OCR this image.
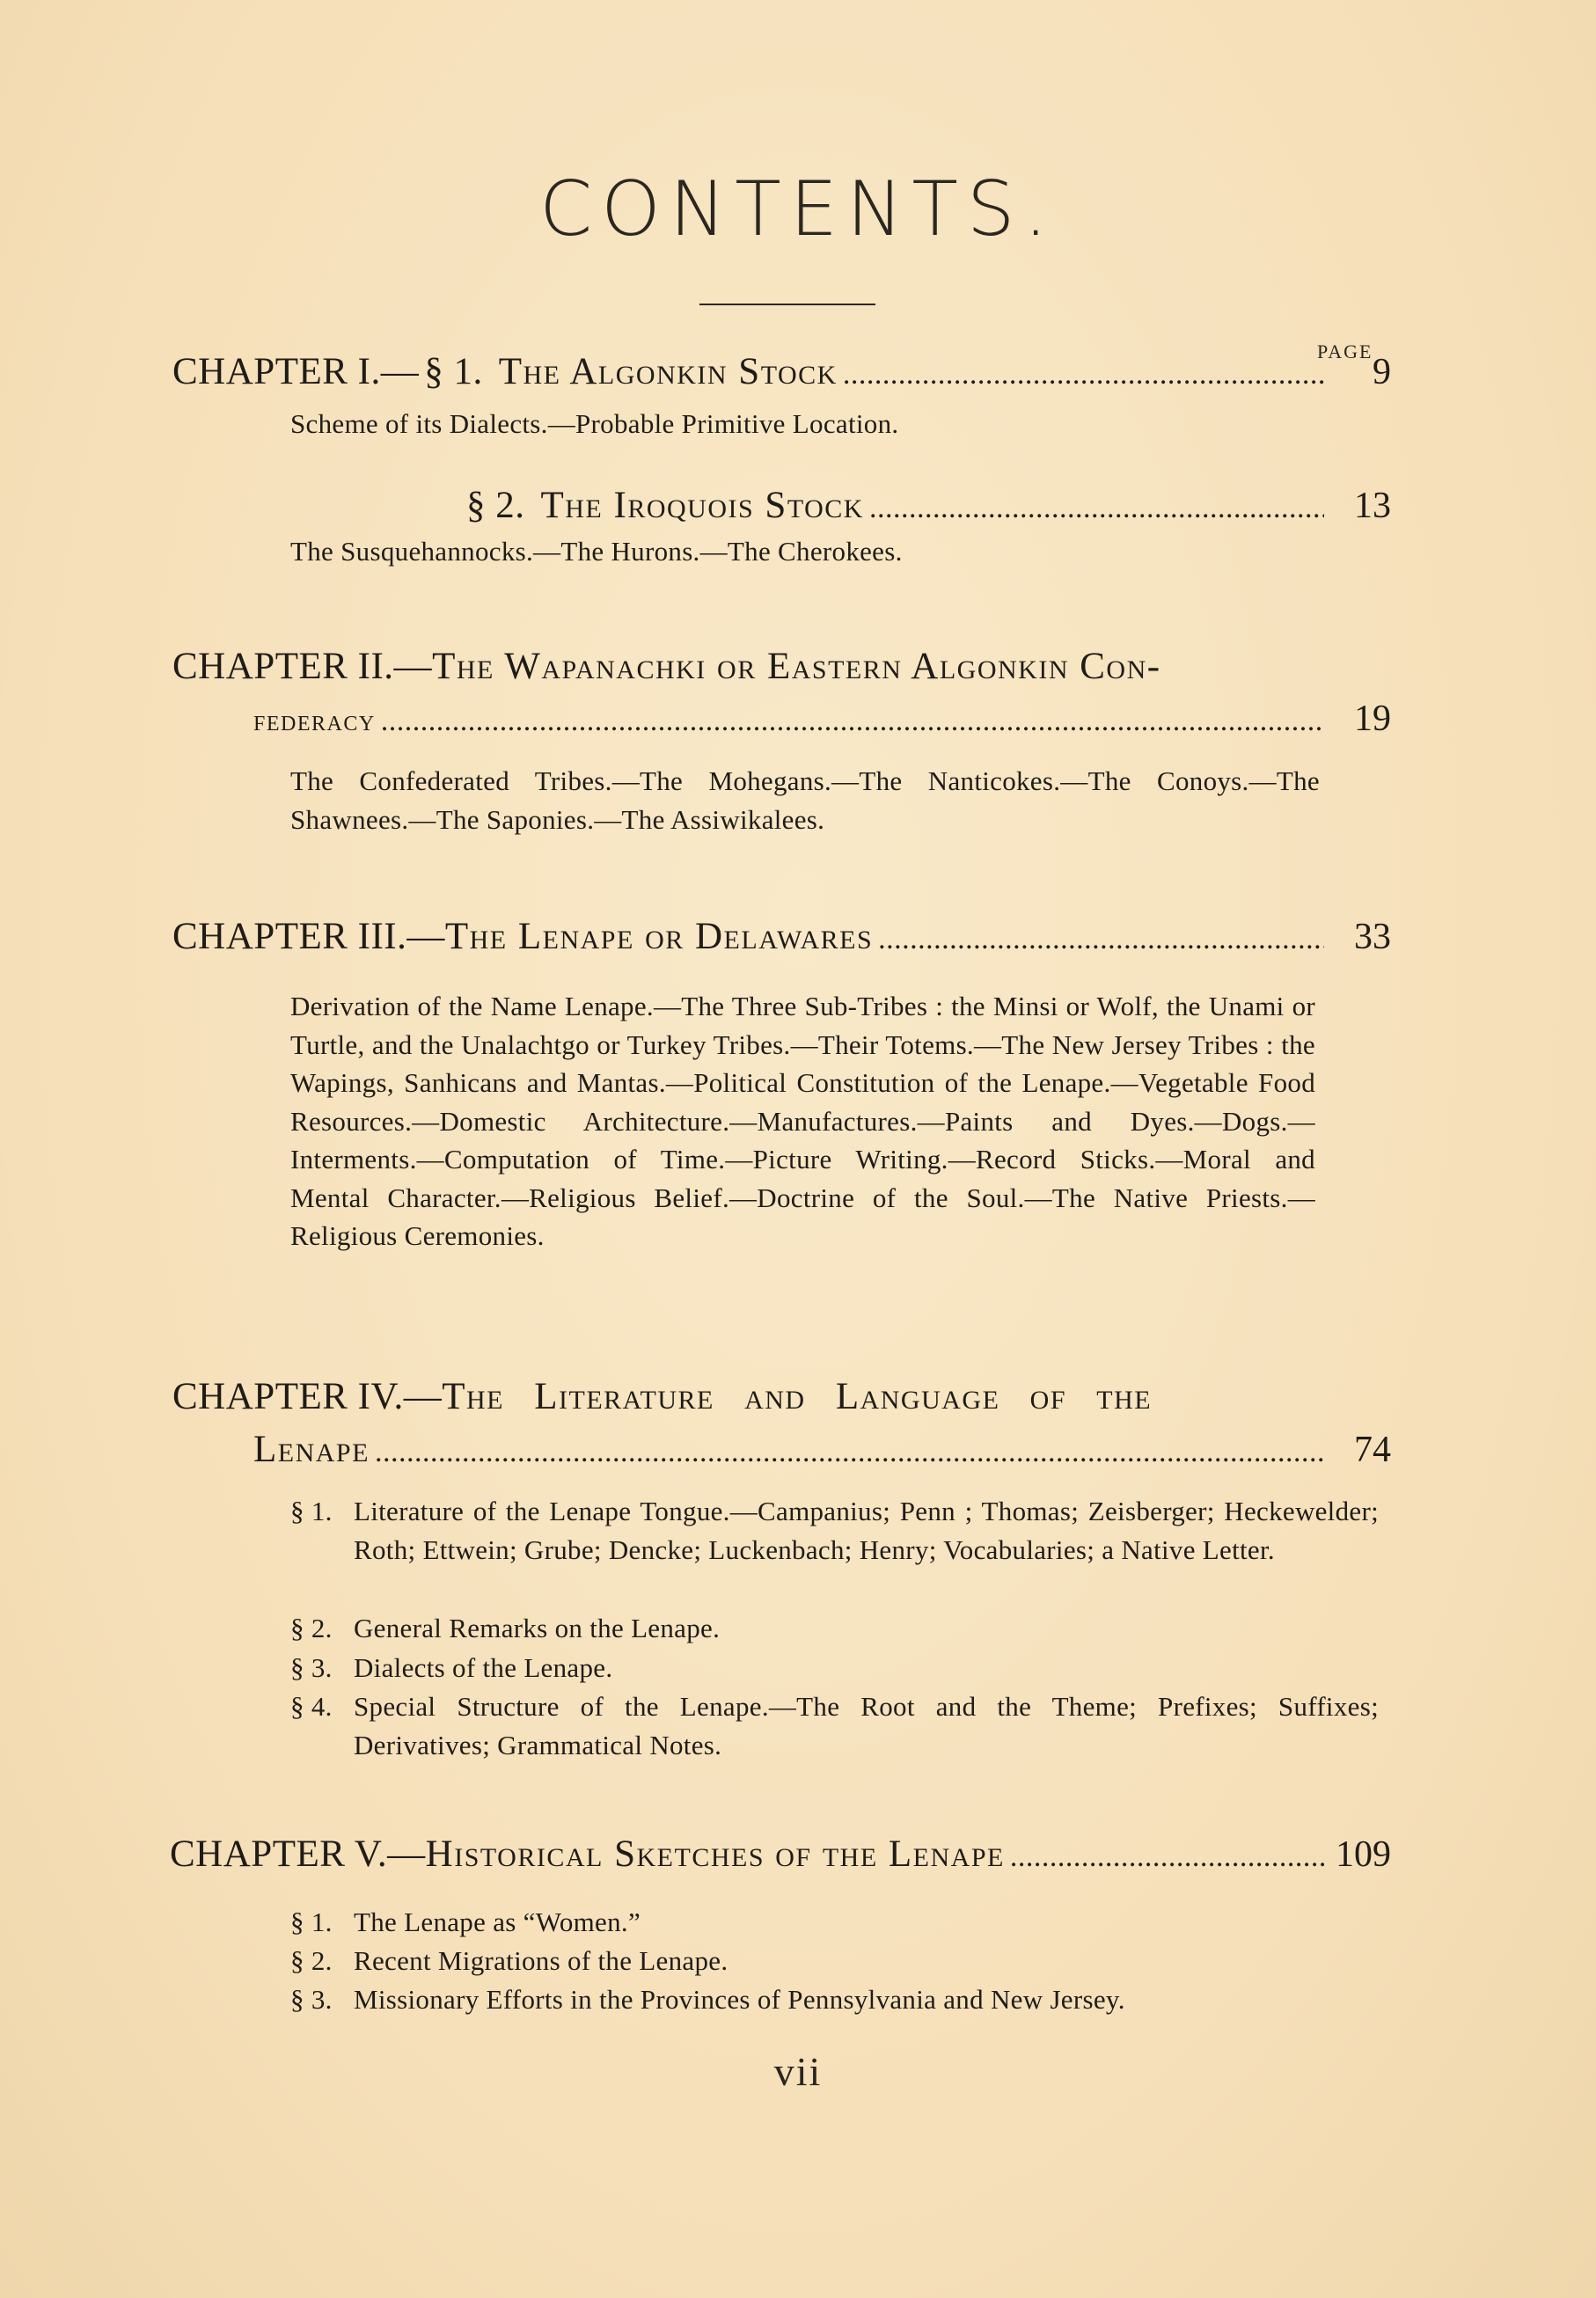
CONTENTS.
PAGE
CHAPTER I.— § 1. The Algonkin Stock . . .	9
Scheme of its Dialects.—Probable Primitive Location.
§ 2. The Iroquois Stock . . .	13
The Susquehannocks.—The Hurons.—The Cherokees.
CHAPTER II.— The Wapanachki or Eastern Algonkin Con-
federacy . . .	19
The Confederated Tribes.—The Mohegans.—The Nanticokes.—The Conoys.—The Shawnees.—The Saponies.—The Assiwikalees.
CHAPTER III.— The Lenape or Delawares . . .	33
Derivation of the Name Lenape.—The Three Sub-Tribes : the Minsi or Wolf, the Unami or Turtle, and the Unalachtgo or Turkey Tribes.—Their Totems.—The New Jersey Tribes : the Wapings, Sanhicans and Mantas.—Political Constitution of the Lenape.—Vegetable Food Resources.—Domestic Architecture.—Manufactures.—Paints and Dyes.—Dogs.—Interments.—Computation of Time.—Picture Writing.—Record Sticks.—Moral and Mental Character.—Religious Belief.—Doctrine of the Soul.—The Native Priests.—Religious Ceremonies.
CHAPTER IV.— The Literature and Language of the
Lenape . . .	74
§ 1. Literature of the Lenape Tongue.—Campanius; Penn ; Thomas; Zeisberger; Heckewelder; Roth; Ettwein; Grube; Dencke; Luckenbach; Henry; Vocabularies; a Native Letter.
§ 2. General Remarks on the Lenape.
§ 3. Dialects of the Lenape.
§ 4. Special Structure of the Lenape.—The Root and the Theme; Prefixes; Suffixes; Derivatives; Grammatical Notes.
CHAPTER V.— Historical Sketches of the Lenape . . .	109
§ 1. The Lenape as “Women.”
§ 2. Recent Migrations of the Lenape.
§ 3. Missionary Efforts in the Provinces of Pennsylvania and New Jersey.
vii
